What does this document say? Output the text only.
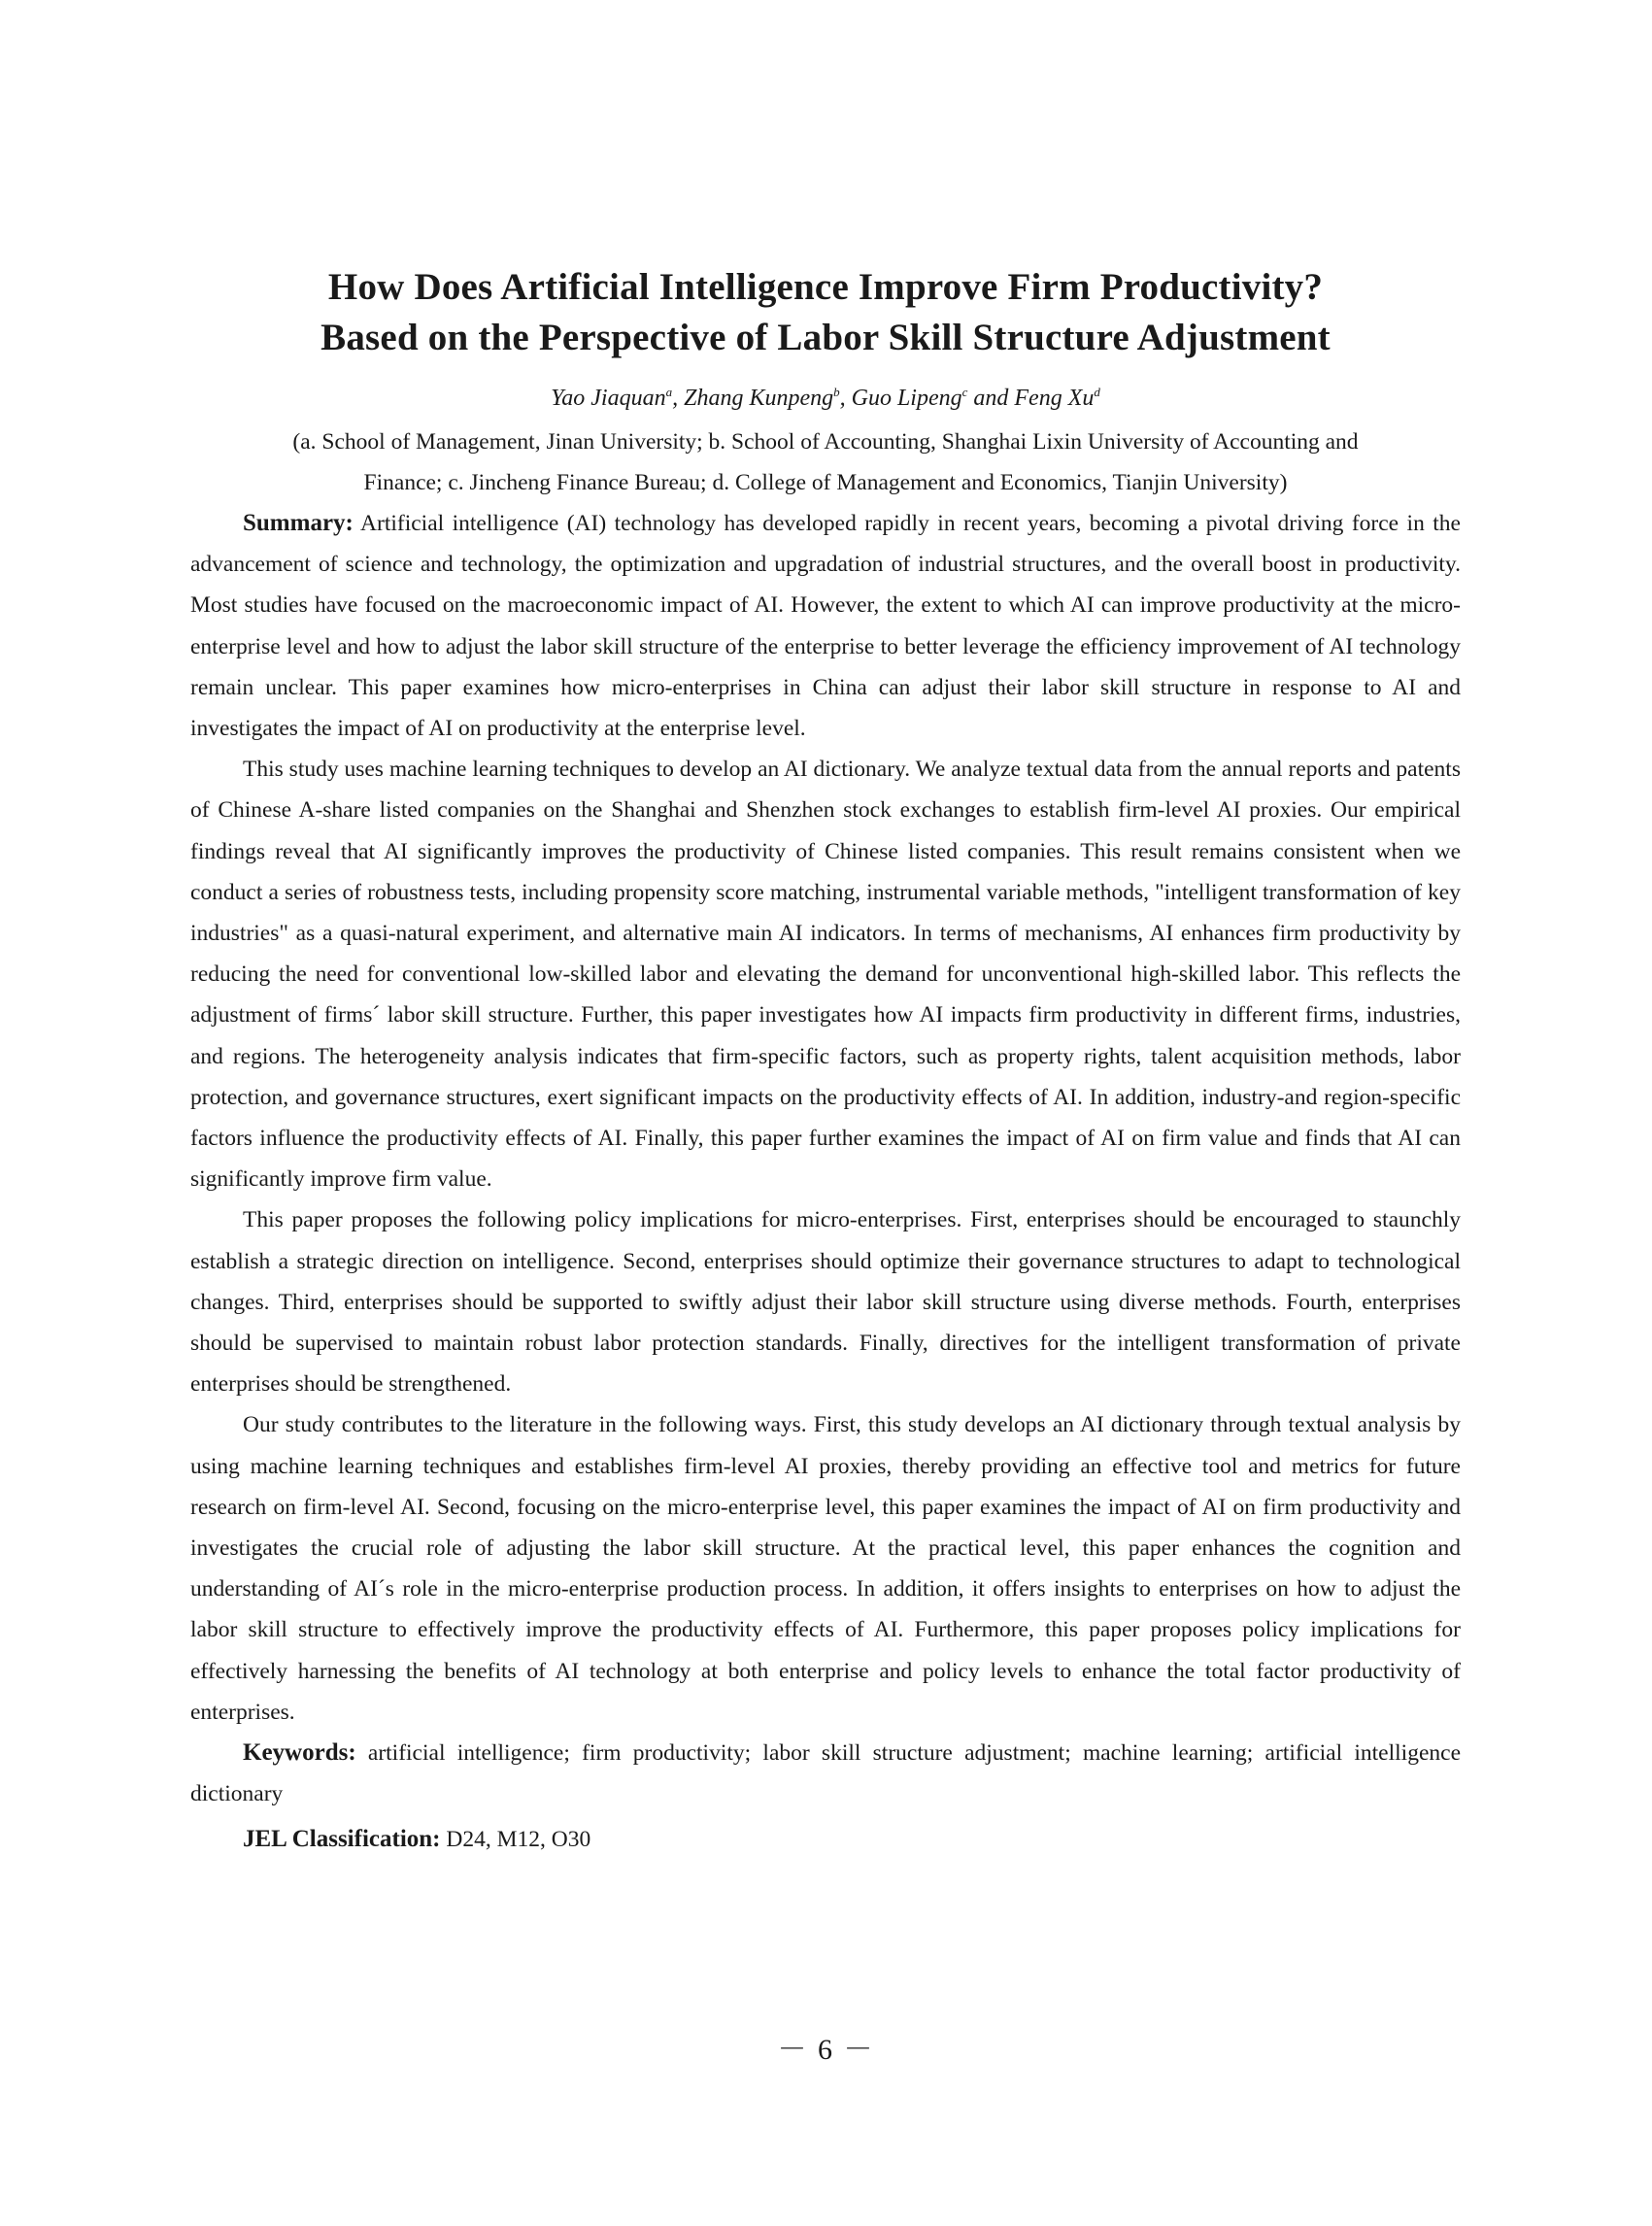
How Does Artificial Intelligence Improve Firm Productivity?
Based on the Perspective of Labor Skill Structure Adjustment
Yao Jiaquan$^a$, Zhang Kunpeng$^b$, Guo Lipeng$^c$ and Feng Xu$^d$
(a. School of Management, Jinan University; b. School of Accounting, Shanghai Lixin University of Accounting and
Finance; c. Jincheng Finance Bureau; d. College of Management and Economics, Tianjin University)

Summary: Artificial intelligence (AI) technology has developed rapidly in recent years, becoming a pivotal driving force in the advancement of science and technology, the optimization and upgradation of industrial structures, and the overall boost in productivity. Most studies have focused on the macroeconomic impact of AI. However, the extent to which AI can improve productivity at the micro-enterprise level and how to adjust the labor skill structure of the enterprise to better leverage the efficiency improvement of AI technology remain unclear. This paper examines how micro-enterprises in China can adjust their labor skill structure in response to AI and investigates the impact of AI on productivity at the enterprise level.

This study uses machine learning techniques to develop an AI dictionary. We analyze textual data from the annual reports and patents of Chinese A-share listed companies on the Shanghai and Shenzhen stock exchanges to establish firm-level AI proxies. Our empirical findings reveal that AI significantly improves the productivity of Chinese listed companies. This result remains consistent when we conduct a series of robustness tests, including propensity score matching, instrumental variable methods, "intelligent transformation of key industries" as a quasi-natural experiment, and alternative main AI indicators. In terms of mechanisms, AI enhances firm productivity by reducing the need for conventional low-skilled labor and elevating the demand for unconventional high-skilled labor. This reflects the adjustment of firms´ labor skill structure. Further, this paper investigates how AI impacts firm productivity in different firms, industries, and regions. The heterogeneity analysis indicates that firm-specific factors, such as property rights, talent acquisition methods, labor protection, and governance structures, exert significant impacts on the productivity effects of AI. In addition, industry-and region-specific factors influence the productivity effects of AI. Finally, this paper further examines the impact of AI on firm value and finds that AI can significantly improve firm value.

This paper proposes the following policy implications for micro-enterprises. First, enterprises should be encouraged to staunchly establish a strategic direction on intelligence. Second, enterprises should optimize their governance structures to adapt to technological changes. Third, enterprises should be supported to swiftly adjust their labor skill structure using diverse methods. Fourth, enterprises should be supervised to maintain robust labor protection standards. Finally, directives for the intelligent transformation of private enterprises should be strengthened.

Our study contributes to the literature in the following ways. First, this study develops an AI dictionary through textual analysis by using machine learning techniques and establishes firm-level AI proxies, thereby providing an effective tool and metrics for future research on firm-level AI. Second, focusing on the micro-enterprise level, this paper examines the impact of AI on firm productivity and investigates the crucial role of adjusting the labor skill structure. At the practical level, this paper enhances the cognition and understanding of AI´s role in the micro-enterprise production process. In addition, it offers insights to enterprises on how to adjust the labor skill structure to effectively improve the productivity effects of AI. Furthermore, this paper proposes policy implications for effectively harnessing the benefits of AI technology at both enterprise and policy levels to enhance the total factor productivity of enterprises.

Keywords: artificial intelligence; firm productivity; labor skill structure adjustment; machine learning; artificial intelligence dictionary

JEL Classification: D24, M12, O30

－ 6 －
